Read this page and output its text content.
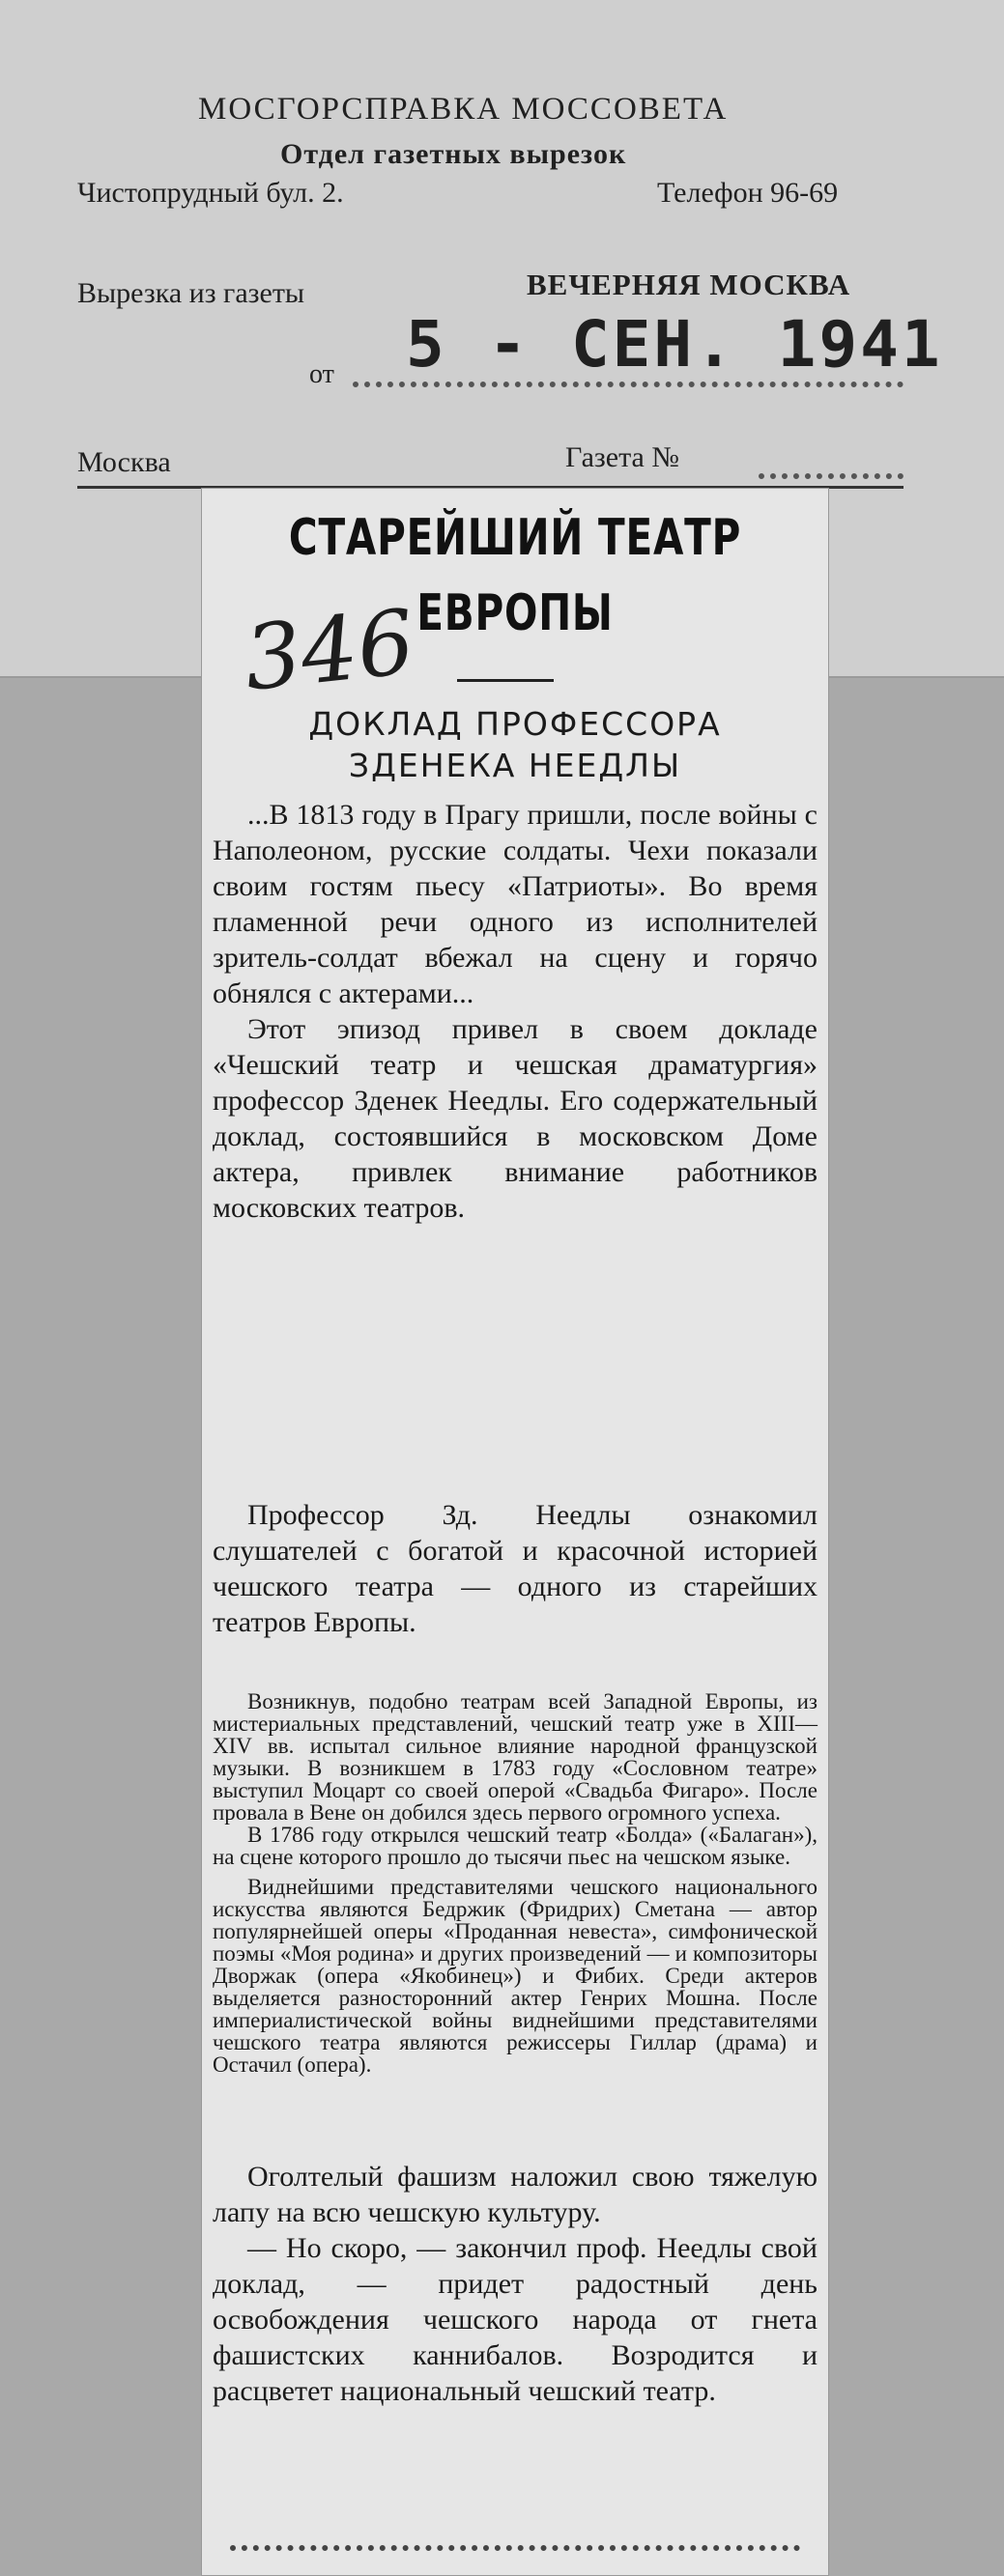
МОСГОРСПРАВКА МОССОВЕТА
Отдел газетных вырезок
Чистопрудный бул. 2.	Телефон 96-69
Вырезка из газеты	ВЕЧЕРНЯЯ МОСКВА
от 5 - СЕН. 1941
Москва	Газета №
СТАРЕЙШИЙ ТЕАТР
ЕВРОПЫ
346
ДОКЛАД ПРОФЕССОРА
ЗДЕНЕКА НЕЕДЛЫ

...В 1813 году в Прагу пришли, после войны с Наполеоном, русские солдаты. Чехи показали своим гостям пьесу «Патриоты». Во время пламенной речи одного из исполнителей зритель-солдат вбежал на сцену и горячо обнялся с актерами...

Этот эпизод привел в своем докладе «Чешский театр и чешская драматургия» профессор Зденек Неедлы. Его содержательный доклад, состоявшийся в московском Доме актера, привлек внимание работников московских театров.

Профессор Зд. Неедлы ознакомил слушателей с богатой и красочной историей чешского театра — одного из старейших театров Европы.

Возникнув, подобно театрам всей Западной Европы, из мистериальных представлений, чешский театр уже в XIII—XIV вв. испытал сильное влияние народной французской музыки. В возникшем в 1783 году «Сословном театре» выступил Моцарт со своей оперой «Свадьба Фигаро». После провала в Вене он добился здесь первого огромного успеха.

В 1786 году открылся чешский театр «Болда» («Балаган»), на сцене которого прошло до тысячи пьес на чешском языке.

Виднейшими представителями чешского национального искусства являются Бедржик (Фридрих) Сметана — автор популярнейшей оперы «Проданная невеста», симфонической поэмы «Моя родина» и других произведений — и композиторы Дворжак (опера «Якобинец») и Фибих. Среди актеров выделяется разносторонний актер Генрих Мошна. После империалистической войны виднейшими представителями чешского театра являются режиссеры Гиллар (драма) и Остачил (опера).

Оголтелый фашизм наложил свою тяжелую лапу на всю чешскую культуру.

— Но скоро, — закончил проф. Неедлы свой доклад, — придет радостный день освобождения чешского народа от гнета фашистских каннибалов. Возродится и расцветет национальный чешский театр.
